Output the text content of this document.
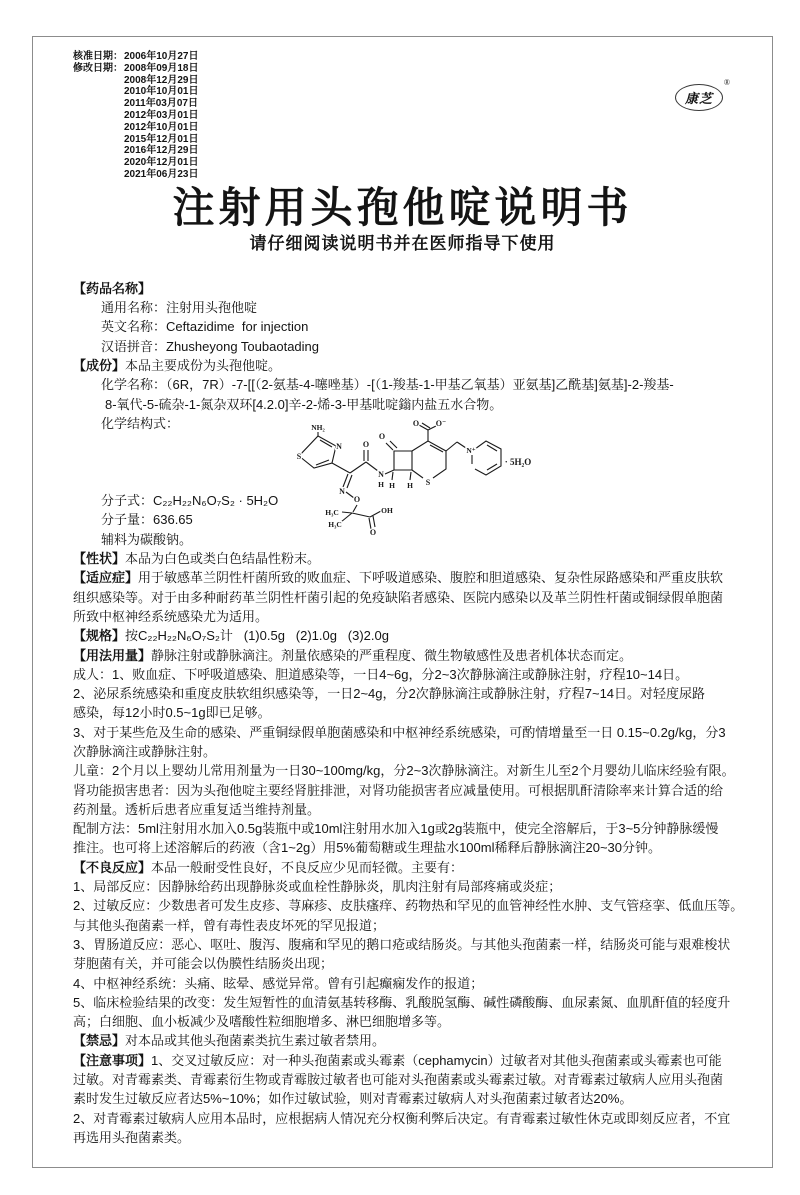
核准日期： 2006年10月27日
修改日期： 2008年09月18日
2008年12月29日
2010年10月01日
2011年03月07日
2012年03月01日
2012年10月01日
2015年12月01日
2016年12月29日
2020年12月01日
2021年06月23日
康芝
®
注射用头孢他啶说明书
请仔细阅读说明书并在医师指导下使用
【药品名称】
通用名称：注射用头孢他啶
英文名称：Ceftazidime  for injection
汉语拼音：Zhusheyong Toubaotading
【成份】本品主要成份为头孢他啶。
化学名称：（6R，7R）-7-[[（2-氨基-4-噻唑基）-[（1-羧基-1-甲基乙氧基）亚氨基]乙酰基]氨基]-2-羧基-
8-氧代-5-硫杂-1-氮杂双环[4.2.0]辛-2-烯-3-甲基吡啶鎓内盐五水合物。
化学结构式：
分子式：C₂₂H₂₂N₆O₇S₂ · 5H₂O
分子量：636.65
辅料为碳酸钠。
【性状】本品为白色或类白色结晶性粉末。
【适应症】用于敏感革兰阴性杆菌所致的败血症、下呼吸道感染、腹腔和胆道感染、复杂性尿路感染和严重皮肤软
组织感染等。对于由多种耐药革兰阴性杆菌引起的免疫缺陷者感染、医院内感染以及革兰阴性杆菌或铜绿假单胞菌
所致中枢神经系统感染尤为适用。
【规格】按C₂₂H₂₂N₆O₇S₂计   (1)0.5g   (2)1.0g   (3)2.0g
【用法用量】静脉注射或静脉滴注。剂量依感染的严重程度、微生物敏感性及患者机体状态而定。
成人：1、败血症、下呼吸道感染、胆道感染等，一日4~6g，分2~3次静脉滴注或静脉注射，疗程10~14日。
2、泌尿系统感染和重度皮肤软组织感染等，一日2~4g，分2次静脉滴注或静脉注射，疗程7~14日。对轻度尿路
感染，每12小时0.5~1g即已足够。
3、对于某些危及生命的感染、严重铜绿假单胞菌感染和中枢神经系统感染，可酌情增量至一日 0.15~0.2g/kg，分3
次静脉滴注或静脉注射。
儿童：2个月以上婴幼儿常用剂量为一日30~100mg/kg，分2~3次静脉滴注。对新生儿至2个月婴幼儿临床经验有限。
肾功能损害患者：因为头孢他啶主要经肾脏排泄，对肾功能损害者应减量使用。可根据肌酐清除率来计算合适的给
药剂量。透析后患者应重复适当维持剂量。
配制方法：5ml注射用水加入0.5g装瓶中或10ml注射用水加入1g或2g装瓶中，使完全溶解后，于3~5分钟静脉缓慢
推注。也可将上述溶解后的药液（含1~2g）用5%葡萄糖或生理盐水100ml稀释后静脉滴注20~30分钟。
【不良反应】本品一般耐受性良好，不良反应少见而轻微。主要有：
1、局部反应：因静脉给药出现静脉炎或血栓性静脉炎，肌肉注射有局部疼痛或炎症；
2、过敏反应：少数患者可发生皮疹、荨麻疹、皮肤瘙痒、药物热和罕见的血管神经性水肿、支气管痉挛、低血压等。
与其他头孢菌素一样，曾有毒性表皮坏死的罕见报道；
3、胃肠道反应：恶心、呕吐、腹泻、腹痛和罕见的鹅口疮或结肠炎。与其他头孢菌素一样，结肠炎可能与艰难梭状
芽胞菌有关，并可能会以伪膜性结肠炎出现；
4、中枢神经系统：头痛、眩晕、感觉异常。曾有引起癫痫发作的报道；
5、临床检验结果的改变：发生短暂性的血清氨基转移酶、乳酸脱氢酶、碱性磷酸酶、血尿素氮、血肌酐值的轻度升
高；白细胞、血小板减少及嗜酸性粒细胞增多、淋巴细胞增多等。
【禁忌】对本品或其他头孢菌素类抗生素过敏者禁用。
【注意事项】1、交叉过敏反应：对一种头孢菌素或头霉素（cephamycin）过敏者对其他头孢菌素或头霉素也可能
过敏。对青霉素类、青霉素衍生物或青霉胺过敏者也可能对头孢菌素或头霉素过敏。对青霉素过敏病人应用头孢菌
素时发生过敏反应者达5%~10%；如作过敏试验，则对青霉素过敏病人对头孢菌素过敏者达20%。
2、对青霉素过敏病人应用本品时，应根据病人情况充分权衡利弊后决定。有青霉素过敏性休克或即刻反应者，不宜
再选用头孢菌素类。
· 5H₂O
NH₂
S
N
N
O
H₃C
H₃C
OH
O
O
N
H
O
H H S
O O⁻
N⁺
